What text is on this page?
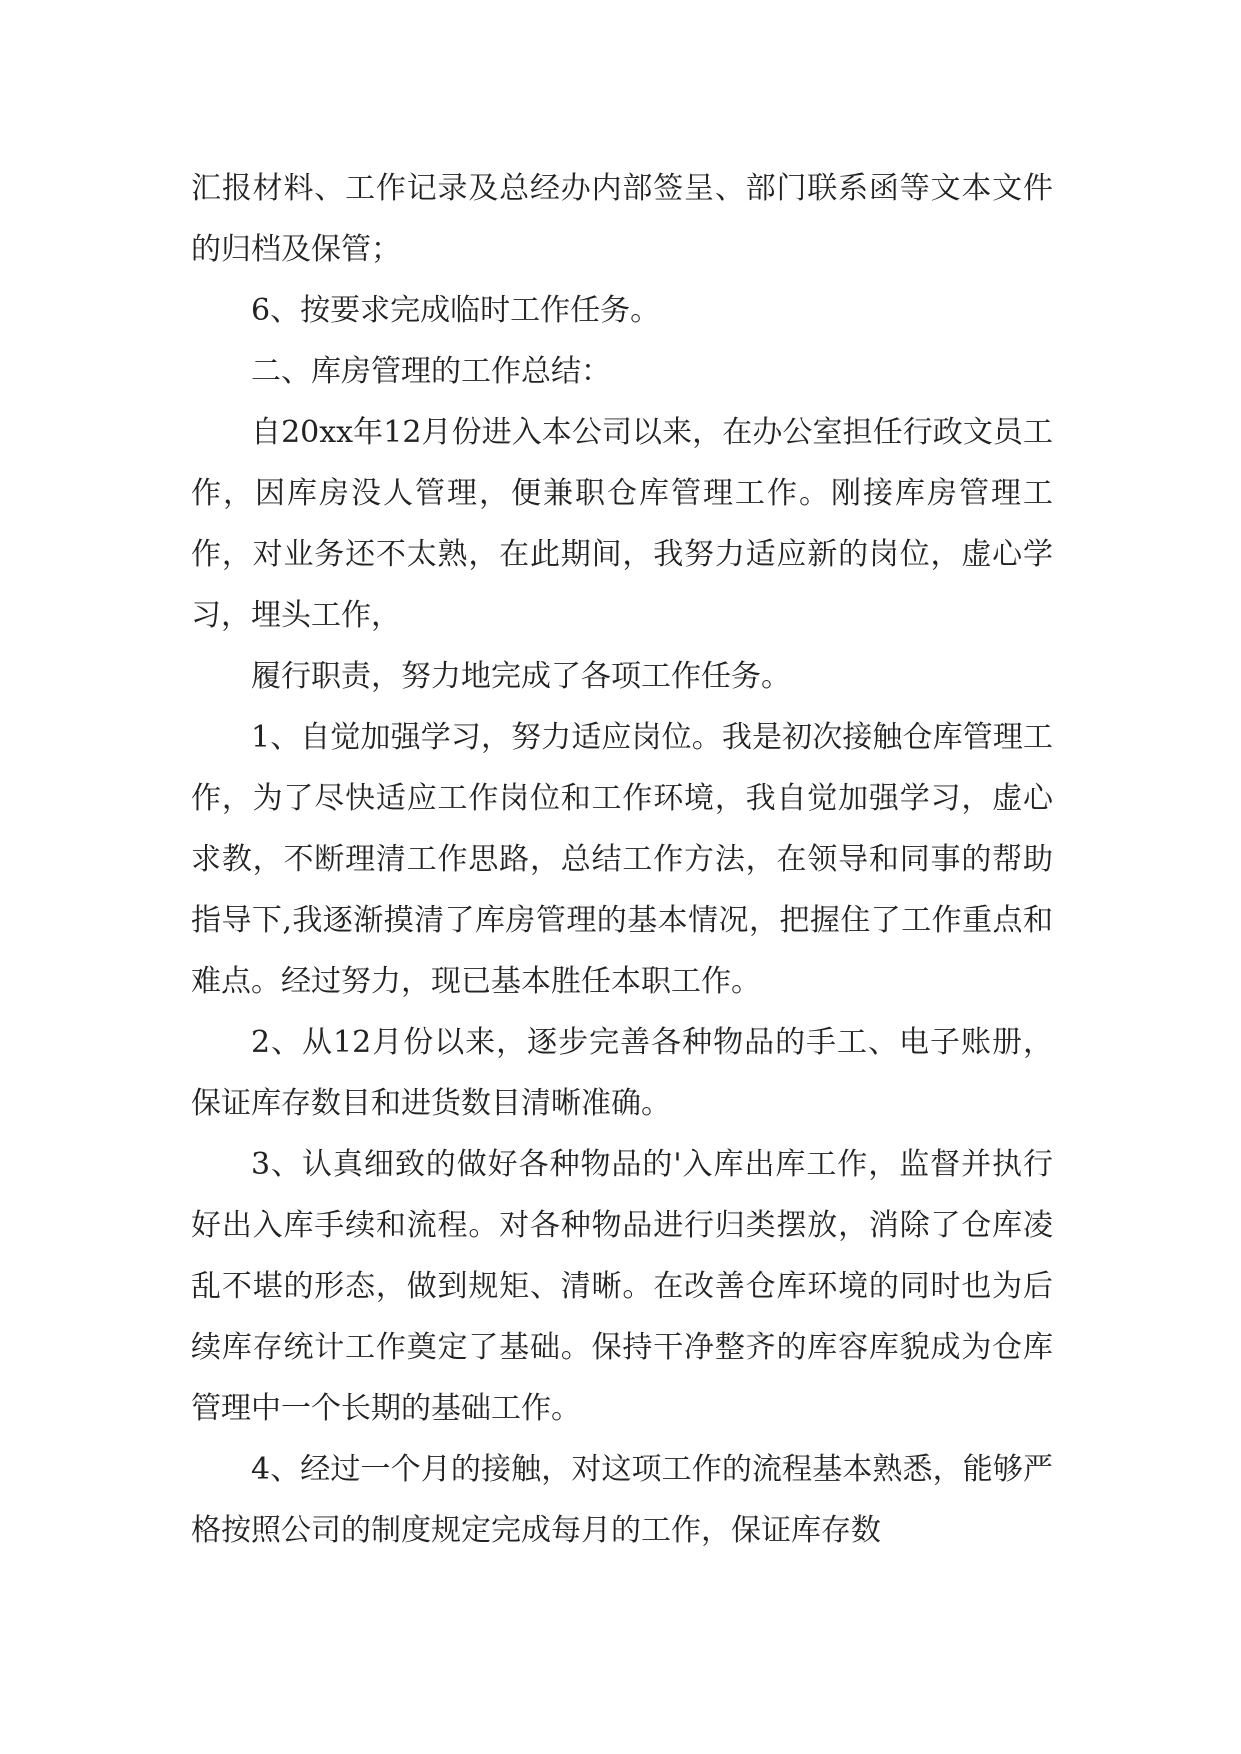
汇报材料、工作记录及总经办内部签呈、部门联系函等文本文件的归档及保管；

6、按要求完成临时工作任务。

二、库房管理的工作总结：

自20xx年12月份进入本公司以来，在办公室担任行政文员工作，因库房没人管理，便兼职仓库管理工作。刚接库房管理工作，对业务还不太熟，在此期间，我努力适应新的岗位，虚心学习，埋头工作，

履行职责，努力地完成了各项工作任务。

1、自觉加强学习，努力适应岗位。我是初次接触仓库管理工作，为了尽快适应工作岗位和工作环境，我自觉加强学习，虚心求教，不断理清工作思路，总结工作方法，在领导和同事的帮助指导下,我逐渐摸清了库房管理的基本情况，把握住了工作重点和难点。经过努力，现已基本胜任本职工作。

2、从12月份以来，逐步完善各种物品的手工、电子账册，保证库存数目和进货数目清晰准确。

3、认真细致的做好各种物品的'入库出库工作，监督并执行好出入库手续和流程。对各种物品进行归类摆放，消除了仓库凌乱不堪的形态，做到规矩、清晰。在改善仓库环境的同时也为后续库存统计工作奠定了基础。保持干净整齐的库容库貌成为仓库管理中一个长期的基础工作。

4、经过一个月的接触，对这项工作的流程基本熟悉，能够严格按照公司的制度规定完成每月的工作，保证库存数
